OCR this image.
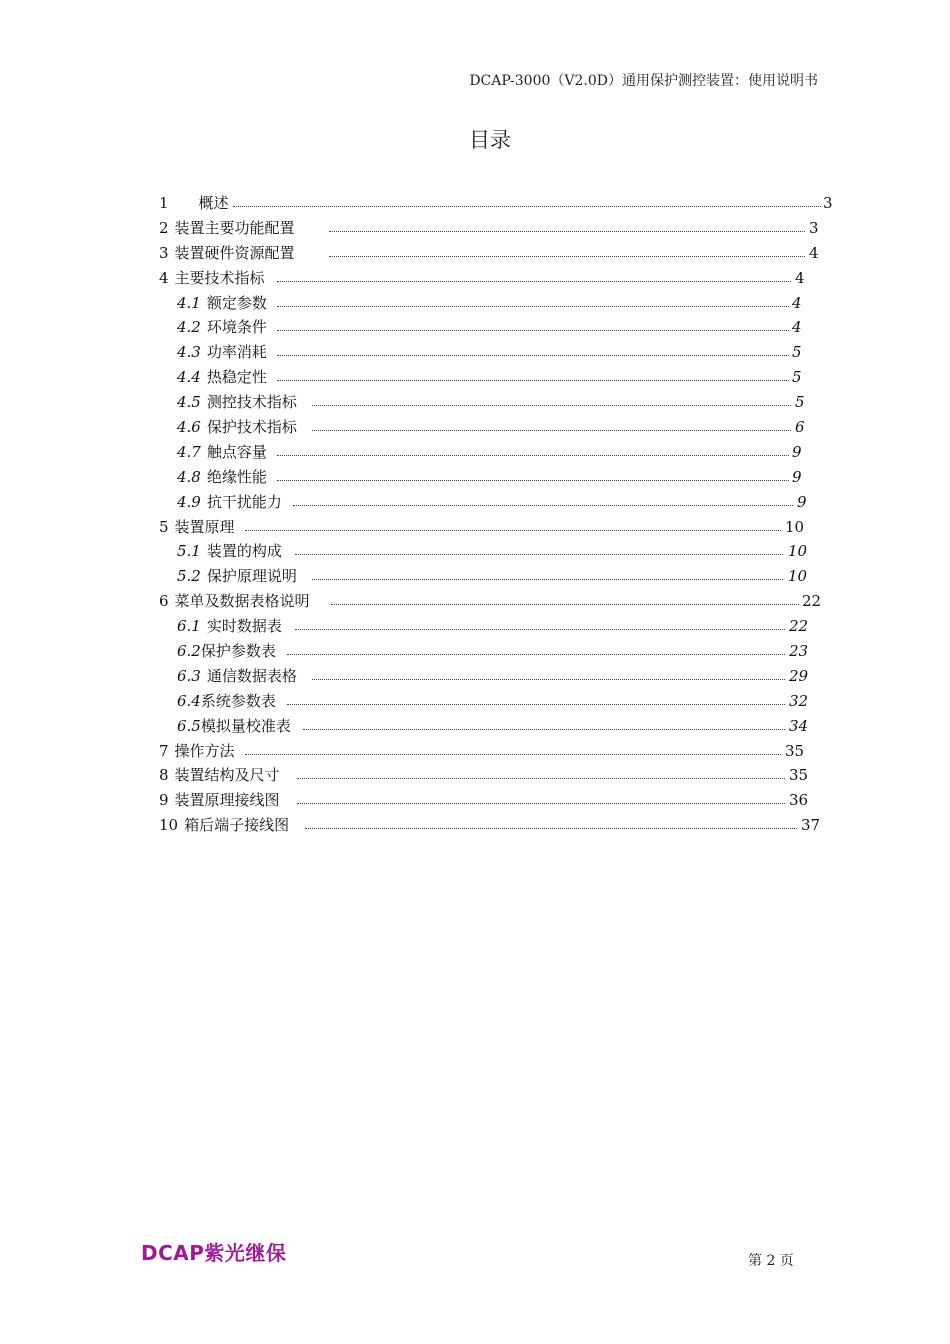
DCAP-3000（V2.0D）通用保护测控装置：使用说明书
目录
1 概述	3
2 装置主要功能配置	3
3 装置硬件资源配置	4
4 主要技术指标	4
4.1 额定参数	4
4.2 环境条件	4
4.3 功率消耗	5
4.4 热稳定性	5
4.5 测控技术指标	5
4.6 保护技术指标	6
4.7 触点容量	9
4.8 绝缘性能	9
4.9 抗干扰能力	9
5 装置原理	10
5.1 装置的构成	10
5.2 保护原理说明	10
6 菜单及数据表格说明	22
6.1 实时数据表	22
6.2保护参数表	23
6.3 通信数据表格	29
6.4系统参数表	32
6.5模拟量校准表	34
7 操作方法	35
8 装置结构及尺寸	35
9 装置原理接线图	36
10 箱后端子接线图	37
DCAP紫光继保	第 2 页
